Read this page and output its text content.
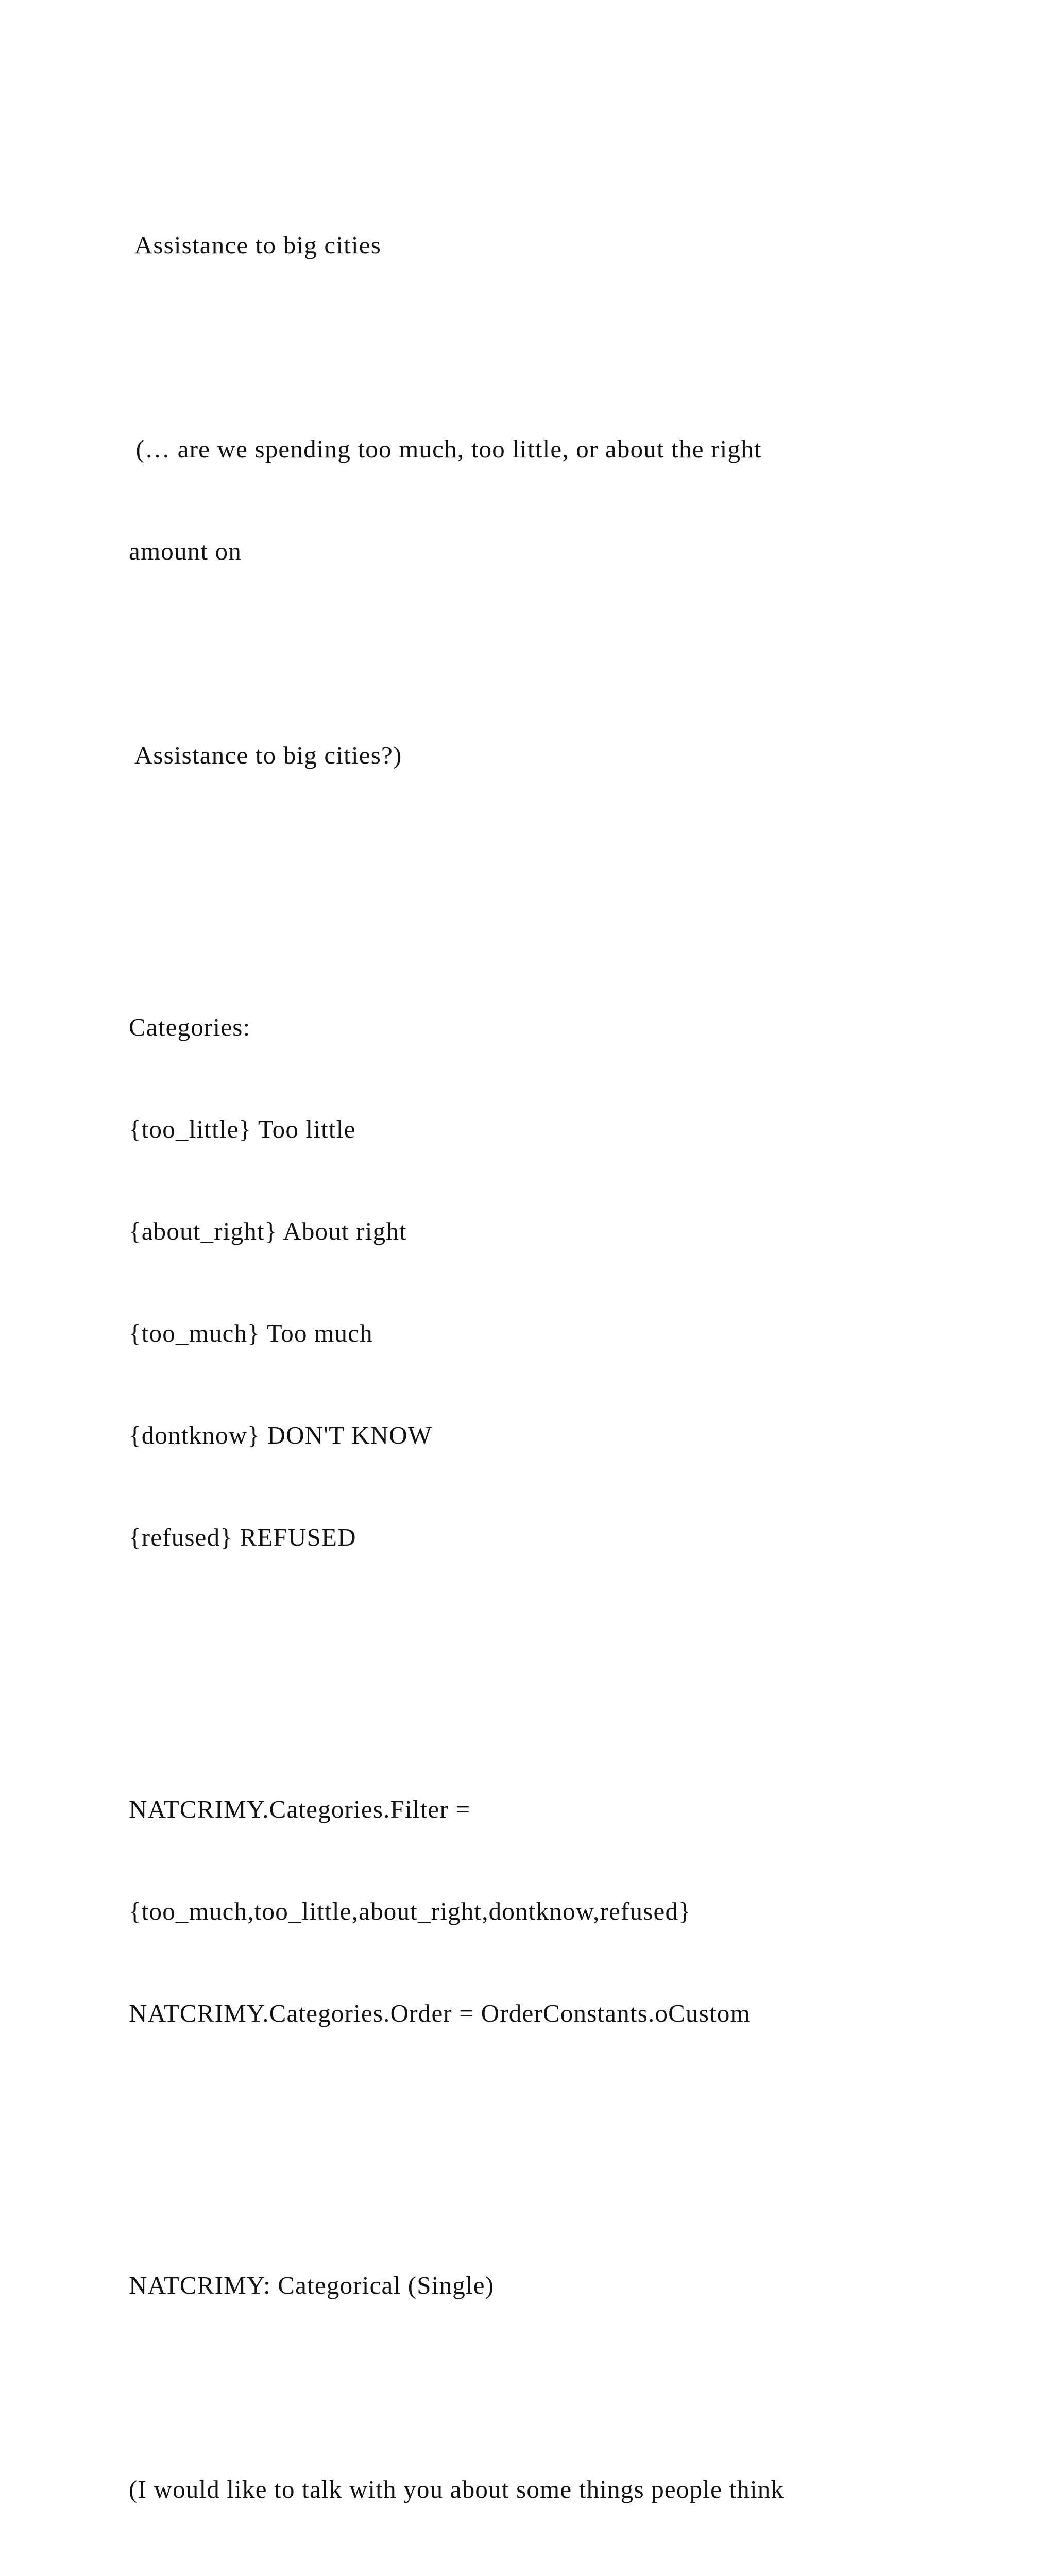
Assistance to big cities

(… are we spending too much, too little, or about the right

amount on

Assistance to big cities?)

Categories:

{too_little} Too little

{about_right} About right

{too_much} Too much

{dontknow} DON'T KNOW

{refused} REFUSED

NATCRIMY.Categories.Filter =

{too_much,too_little,about_right,dontknow,refused}

NATCRIMY.Categories.Order = OrderConstants.oCustom

NATCRIMY: Categorical (Single)

(I would like to talk with you about some things people think
